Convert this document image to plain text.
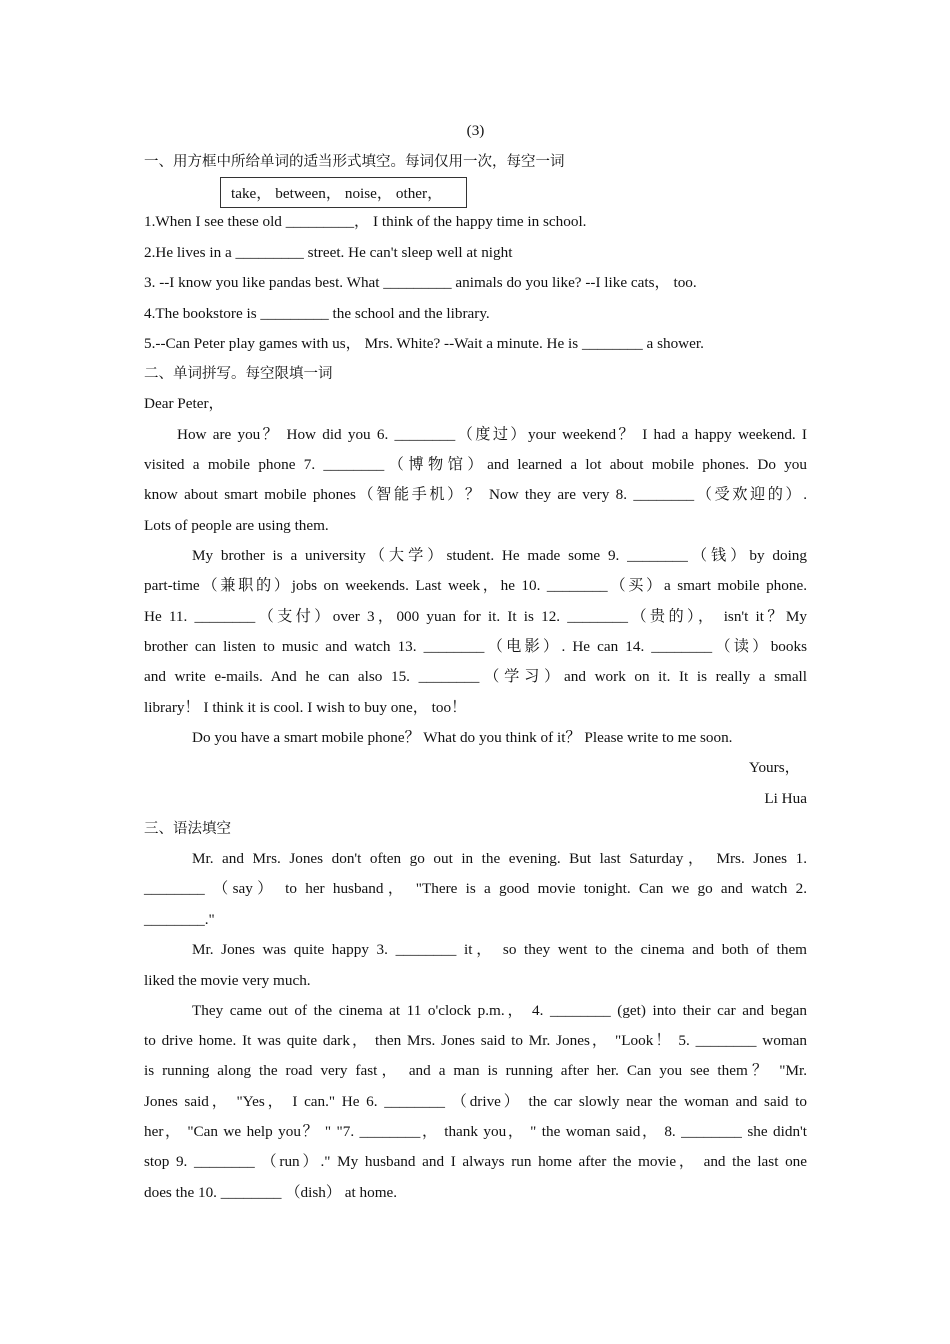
(3)
一、用方框中所给单词的适当形式填空。每词仅用一次，每空一词
1.When I see these old _________， I think of the happy time in school.
2.He lives in a _________ street. He can't sleep well at night
3. --I know you like pandas best. What _________ animals do you like? --I like cats， too.
4.The bookstore is _________ the school and the library.
5.--Can Peter play games with us， Mrs. White? --Wait a minute. He is ________ a shower.
二、单词拼写。每空限填一词
Dear Peter，
How are you？ How did you 6. ________（度过）your weekend？ I had a happy weekend. I
visited a mobile phone 7. ________（博物馆）and learned a lot about mobile phones. Do you
know about smart mobile phones（智能手机）？ Now they are very 8. ________（受欢迎的）.
Lots of people are using them.
My brother is a university（大学）student. He made some 9. ________（钱）by doing
part-time（兼职的）jobs on weekends. Last week，he 10. ________（买）a smart mobile phone.
He 11. ________（支付）over 3，000 yuan for it. It is 12. ________（贵的）， isn't it？My
brother can listen to music and watch 13. ________（电影）. He can 14. ________（读）books
and write e-mails. And he can also 15. ________（学习）and work on it. It is really a small
library！ I think it is cool. I wish to buy one， too！
Do you have a smart mobile phone？ What do you think of it？ Please write to me soon.
Yours，
Li Hua
三、语法填空
Mr. and Mrs. Jones don't often go out in the evening. But last Saturday， Mrs. Jones 1.
________ （say） to her husband， "There is a good movie tonight. Can we go and watch 2.
________."
Mr. Jones was quite happy 3. ________ it， so they went to the cinema and both of them
liked the movie very much.
They came out of the cinema at 11 o'clock p.m.， 4. ________ (get) into their car and began
to drive home. It was quite dark， then Mrs. Jones said to Mr. Jones， "Look！ 5. ________ woman
is running along the road very fast， and a man is running after her. Can you see them？ "Mr.
Jones said， "Yes， I can." He 6. ________ （drive） the car slowly near the woman and said to
her， "Can we help you？ " "7. ________， thank you， " the woman said， 8. ________ she didn't
stop 9. ________ （run）." My husband and I always run home after the movie， and the last one
does the 10. ________ （dish） at home.
take， between， noise， other，
